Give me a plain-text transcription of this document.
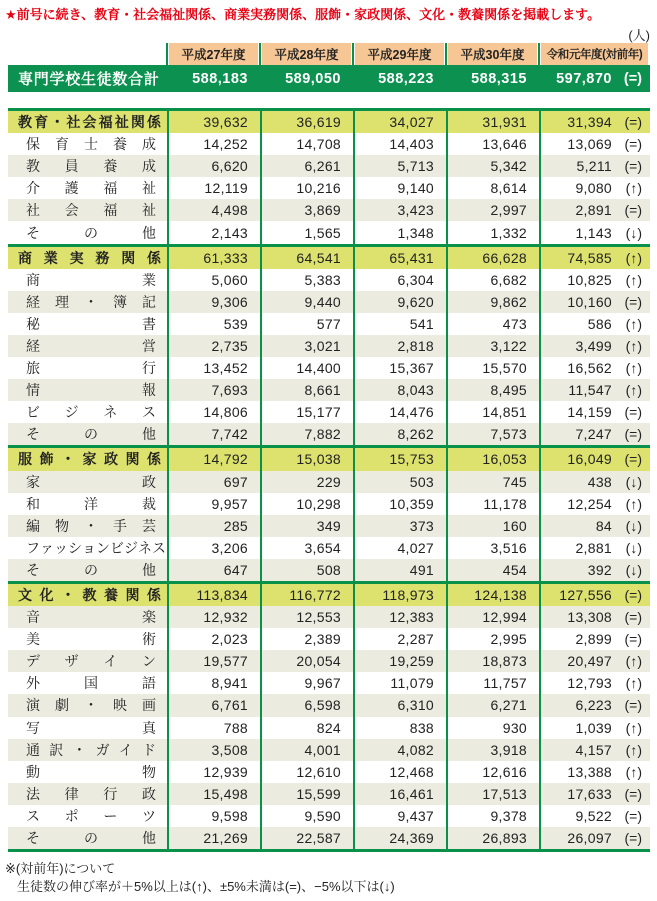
★前号に続き、教育・社会福祉関係、商業実務関係、服飾・家政関係、文化・教養関係を掲載します。
(人)
平成27年度	平成28年度	平成29年度	平成30年度	令和元年度(対前年)
専 門 学 校 生 徒 数 合 計	588,183	589,050	588,223	588,315	597,870 (=)
教 育 ・ 社 会 福 祉 関 係	39,632	36,619	34,027	31,931	31,394 (=)
保 育 士 養 成	14,252	14,708	14,403	13,646	13,069 (=)
教 員 養 成	6,620	6,261	5,713	5,342	5,211 (=)
介 護 福 祉	12,119	10,216	9,140	8,614	9,080 (↑)
社 会 福 祉	4,498	3,869	3,423	2,997	2,891 (=)
そ	の	他	2,143	1,565	1,348	1,332	1,143 (↓)
商 業 実 務 関 係	61,333	64,541	65,431	66,628	74,585 (↑)
商	業	5,060	5,383	6,304	6,682	10,825 (↑)
経 理 ・ 簿 記	9,306	9,440	9,620	9,862	10,160 (=)
秘	書	539	577	541	473	586 (↑)
経	営	2,735	3,021	2,818	3,122	3,499 (↑)
旅	行	13,452	14,400	15,367	15,570	16,562 (↑)
情	報	7,693	8,661	8,043	8,495	11,547 (↑)
ビ ジ ネ ス	14,806	15,177	14,476	14,851	14,159 (=)
そ	の	他	7,742	7,882	8,262	7,573	7,247 (=)
服 飾 ・ 家 政 関 係	14,792	15,038	15,753	16,053	16,049 (=)
家	政	697	229	503	745	438 (↓)
和	洋	裁	9,957	10,298	10,359	11,178	12,254 (↑)
編 物 ・ 手 芸	285	349	373	160	84 (↓)
フ ァ ッ シ ョ ン ビ ジ ネ ス	3,206	3,654	4,027	3,516	2,881 (↓)
そ	の	他	647	508	491	454	392 (↓)
文 化 ・ 教 養 関 係	113,834	116,772	118,973	124,138	127,556 (=)
音	楽	12,932	12,553	12,383	12,994	13,308 (=)
美	術	2,023	2,389	2,287	2,995	2,899 (=)
デ ザ イ ン	19,577	20,054	19,259	18,873	20,497 (↑)
外	国	語	8,941	9,967	11,079	11,757	12,793 (↑)
演 劇 ・ 映 画	6,761	6,598	6,310	6,271	6,223 (=)
写	真	788	824	838	930	1,039 (↑)
通 訳 ・ ガ イ ド	3,508	4,001	4,082	3,918	4,157 (↑)
動	物	12,939	12,610	12,468	12,616	13,388 (↑)
法 律 行 政	15,498	15,599	16,461	17,513	17,633 (=)
ス ポ ー ツ	9,598	9,590	9,437	9,378	9,522 (=)
そ	の	他	21,269	22,587	24,369	26,893	26,097 (=)
※(対前年)について
生徒数の伸び率が＋5%以上は(↑)、±5%未満は(=)、−5%以下は(↓)
